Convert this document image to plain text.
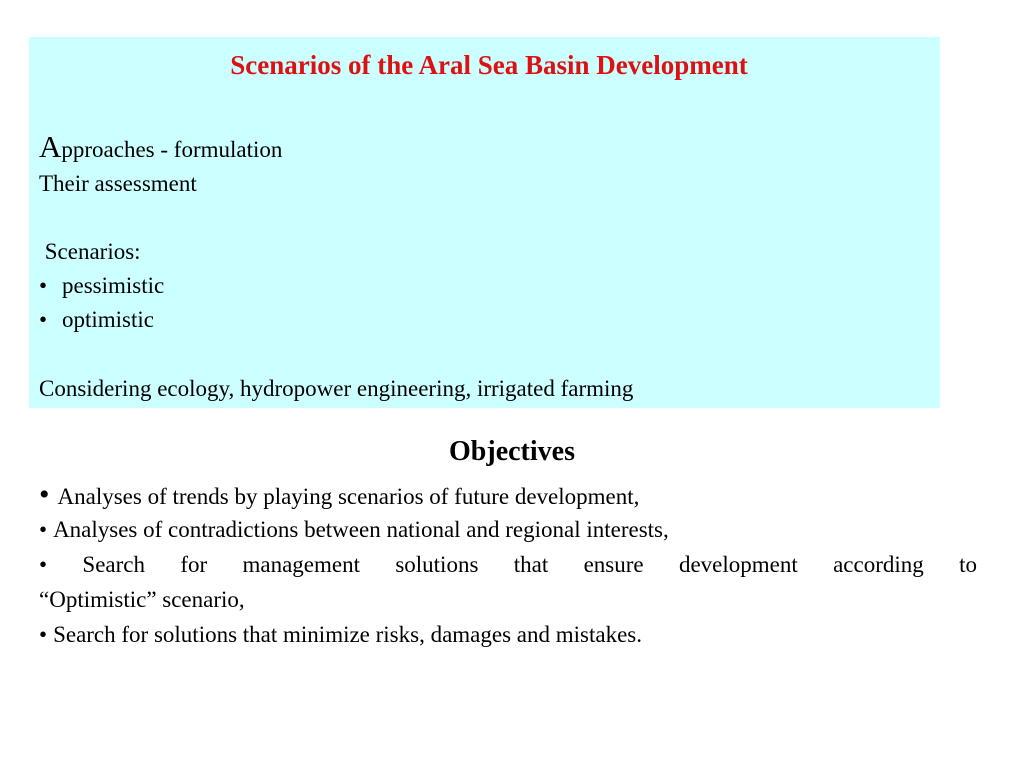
Scenarios of the Aral Sea Basin Development
Approaches - formulation
Their assessment
Scenarios:
• pessimistic
• optimistic
Considering ecology, hydropower engineering, irrigated farming
Objectives
• Analyses of trends by playing scenarios of future development,
• Analyses of contradictions between national and regional interests,
• Search for management solutions that ensure development according to
“Optimistic” scenario,
• Search for solutions that minimize risks, damages and mistakes.
